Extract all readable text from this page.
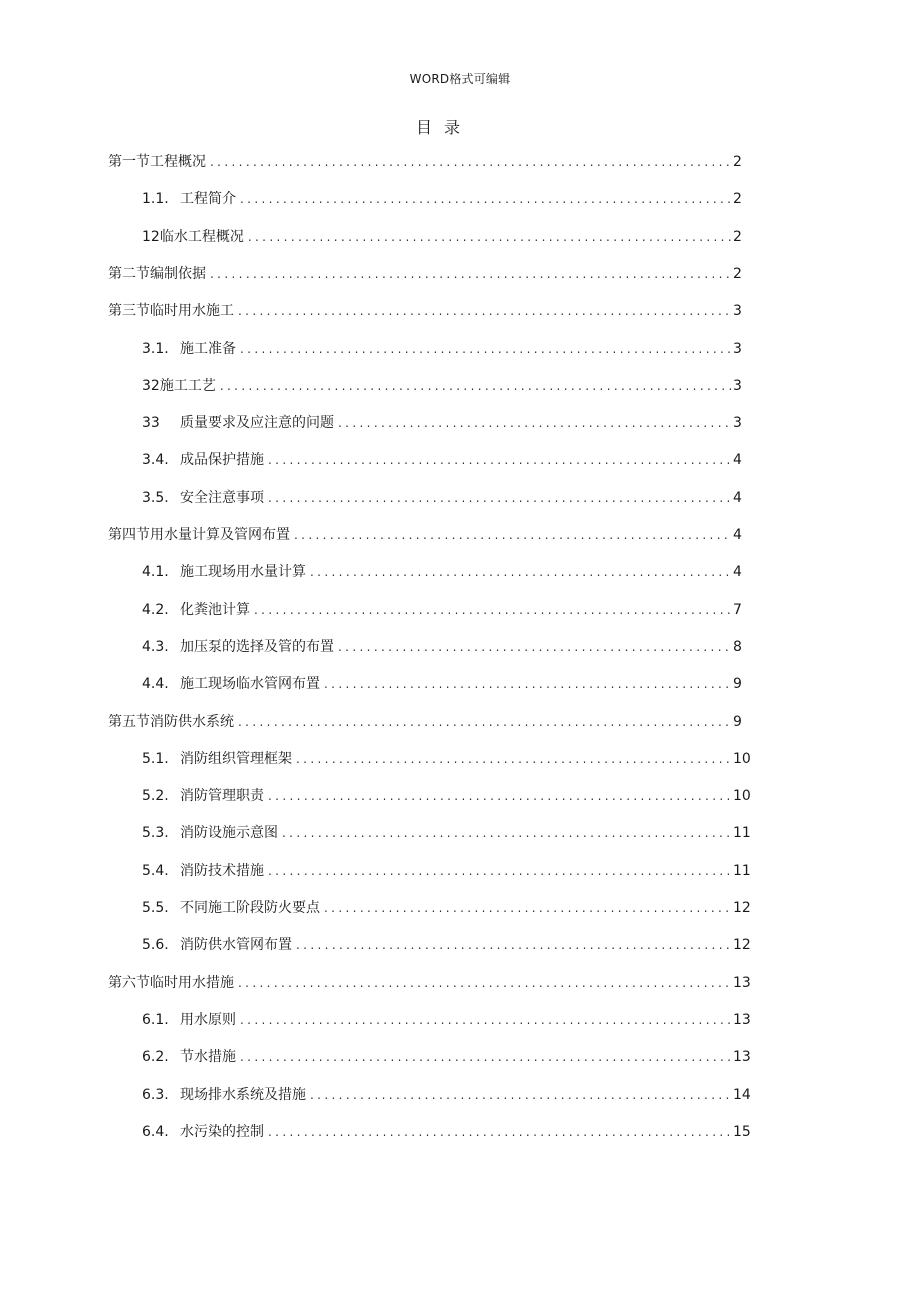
WORD格式可编辑
目录
第一节工程概况 .....	2
1.1. 工程简介 .....	2
12临水工程概况 .....	2
第二节编制依据 .....	2
第三节临时用水施工 .....	3
3.1. 施工准备 .....	3
32施工工艺 .....	3
33	质量要求及应注意的问题 .....	3
3.4. 成品保护措施 .....	4
3.5. 安全注意事项 .....	4
第四节用水量计算及管网布置 .....	4
4.1. 施工现场用水量计算 .....	4
4.2. 化粪池计算 .....	7
4.3. 加压泵的选择及管的布置 .....	8
4.4. 施工现场临水管网布置 .....	9
第五节消防供水系统 .....	9
5.1. 消防组织管理框架 .....	10
5.2. 消防管理职责 .....	10
5.3. 消防设施示意图 .....	11
5.4. 消防技术措施 .....	11
5.5. 不同施工阶段防火要点 .....	12
5.6. 消防供水管网布置 .....	12
第六节临时用水措施 .....	13
6.1. 用水原则 .....	13
6.2. 节水措施 .....	13
6.3. 现场排水系统及措施 .....	14
6.4. 水污染的控制 .....	15
